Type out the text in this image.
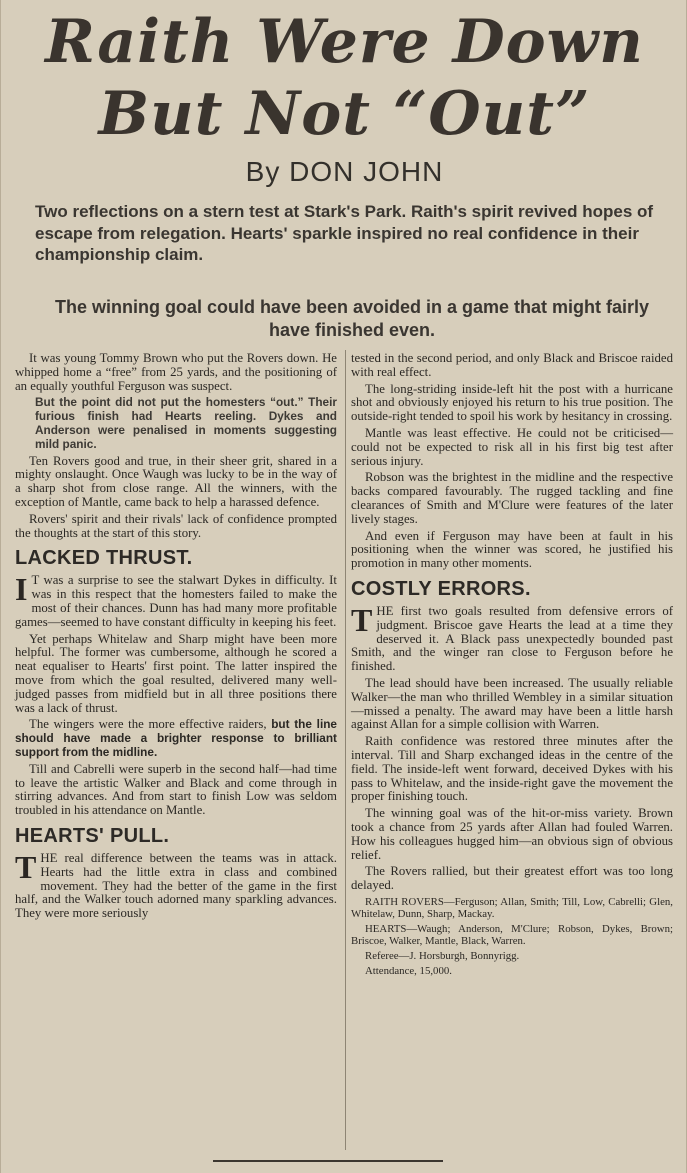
Raith Were Down
But Not “Out”
By DON JOHN

Two reflections on a stern test at Stark's Park. Raith's spirit revived hopes of escape from relegation. Hearts' sparkle inspired no real confidence in their championship claim.

The winning goal could have been avoided in a game that might fairly have finished even.

It was young Tommy Brown who put the Rovers down. He whipped home a “free” from 25 yards, and the positioning of an equally youthful Ferguson was suspect.

But the point did not put the homesters “out.” Their furious finish had Hearts reeling. Dykes and Anderson were penalised in moments suggesting mild panic.

Ten Rovers good and true, in their sheer grit, shared in a mighty onslaught. Once Waugh was lucky to be in the way of a sharp shot from close range. All the winners, with the exception of Mantle, came back to help a harassed defence.

Rovers' spirit and their rivals' lack of confidence prompted the thoughts at the start of this story.

LACKED THRUST.

I T was a surprise to see the stalwart Dykes in difficulty. It was in this respect that the homesters failed to make the most of their chances. Dunn has had many more profitable games—seemed to have constant difficulty in keeping his feet.

Yet perhaps Whitelaw and Sharp might have been more helpful. The former was cumbersome, although he scored a neat equaliser to Hearts' first point. The latter inspired the move from which the goal resulted, delivered many well-judged passes from midfield but in all three positions there was a lack of thrust.

The wingers were the more effective raiders, but the line should have made a brighter response to brilliant support from the midline.

Till and Cabrelli were superb in the second half—had time to leave the artistic Walker and Black and come through in stirring advances. And from start to finish Low was seldom troubled in his attendance on Mantle.

HEARTS' PULL.

THE real difference between the teams was in attack. Hearts had the little extra in class and combined movement. They had the better of the game in the first half, and the Walker touch adorned many sparkling advances. They were more seriously

tested in the second period, and only Black and Briscoe raided with real effect.

The long-striding inside-left hit the post with a hurricane shot and obviously enjoyed his return to his true position. The outside-right tended to spoil his work by hesitancy in crossing.

Mantle was least effective. He could not be criticised—could not be expected to risk all in his first big test after serious injury.

Robson was the brightest in the midline and the respective backs compared favourably. The rugged tackling and fine clearances of Smith and M'Clure were features of the later lively stages.

And even if Ferguson may have been at fault in his positioning when the winner was scored, he justified his promotion in many other moments.

COSTLY ERRORS.

THE first two goals resulted from defensive errors of judgment. Briscoe gave Hearts the lead at a time they deserved it. A Black pass unexpectedly bounded past Smith, and the winger ran close to Ferguson before he finished.

The lead should have been increased. The usually reliable Walker—the man who thrilled Wembley in a similar situation—missed a penalty. The award may have been a little harsh against Allan for a simple collision with Warren.

Raith confidence was restored three minutes after the interval. Till and Sharp exchanged ideas in the centre of the field. The inside-left went forward, deceived Dykes with his pass to Whitelaw, and the inside-right gave the movement the proper finishing touch.

The winning goal was of the hit-or-miss variety. Brown took a chance from 25 yards after Allan had fouled Warren. How his colleagues hugged him—an obvious sign of obvious relief.

The Rovers rallied, but their greatest effort was too long delayed.

RAITH ROVERS—Ferguson; Allan, Smith; Till, Low, Cabrelli; Glen, Whitelaw, Dunn, Sharp, Mackay.

HEARTS—Waugh; Anderson, M'Clure; Robson, Dykes, Brown; Briscoe, Walker, Mantle, Black, Warren.

Referee—J. Horsburgh, Bonnyrigg.

Attendance, 15,000.
